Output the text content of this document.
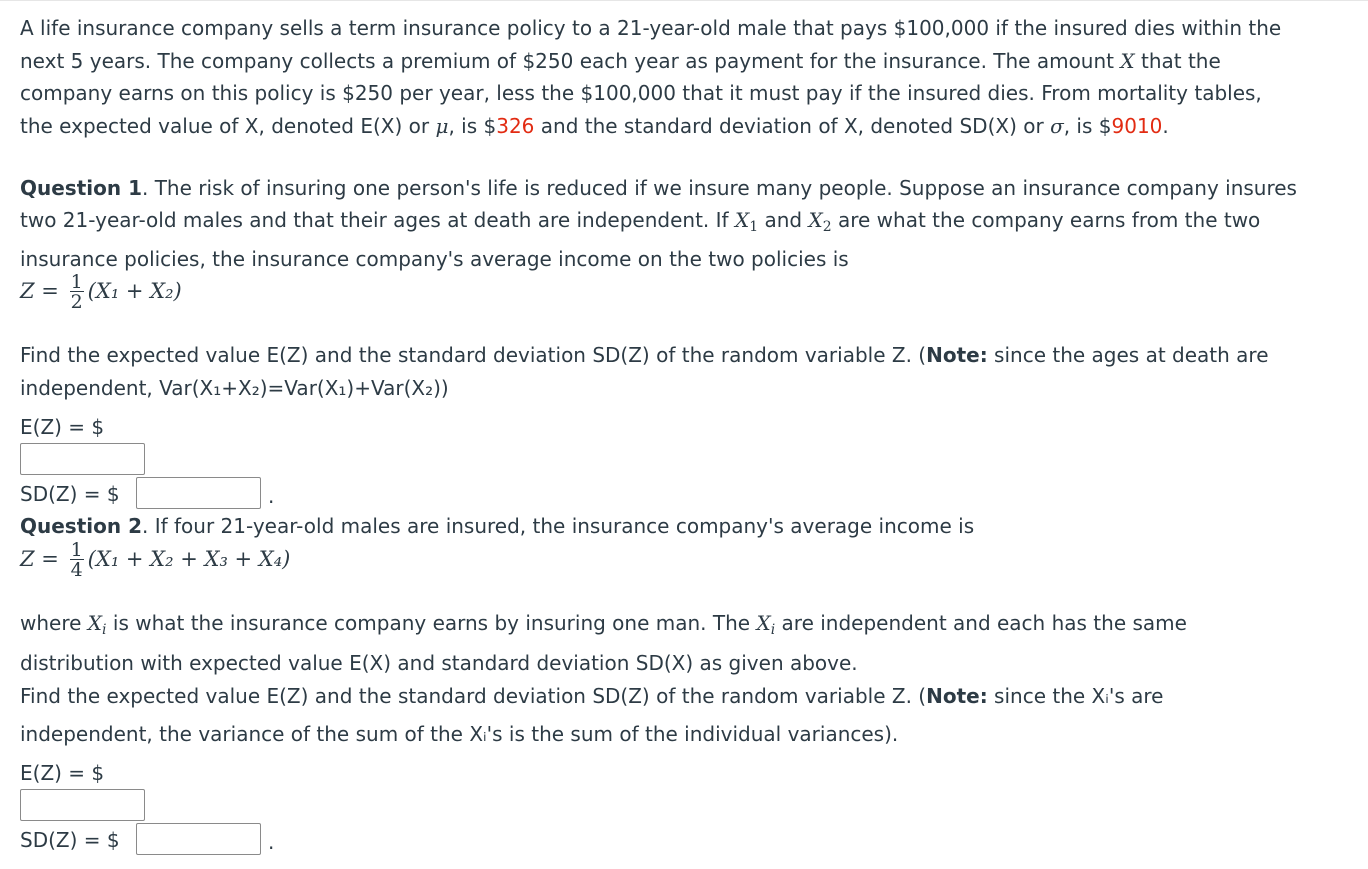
A life insurance company sells a term insurance policy to a 21-year-old male that pays $100,000 if the insured dies within the
next 5 years. The company collects a premium of $250 each year as payment for the insurance. The amount X that the
company earns on this policy is $250 per year, less the $100,000 that it must pay if the insured dies. From mortality tables,
the expected value of X, denoted E(X) or μ, is $326 and the standard deviation of X, denoted SD(X) or σ, is $9010.

Question 1. The risk of insuring one person's life is reduced if we insure many people. Suppose an insurance company insures

two 21-year-old males and that their ages at death are independent. If $X_1$ and $X_2$ are what the company earns from the two

insurance policies, the insurance company's average income on the two policies is

$Z = \frac{1}{2} (X_1 + X_2)$

Find the expected value E(Z) and the standard deviation SD(Z) of the random variable Z. (Note: since the ages at death are
independent, Var(X₁+X₂)=Var(X₁)+Var(X₂))

E(Z) = $
SD(Z) = $	.

Question 2. If four 21-year-old males are insured, the insurance company's average income is

$Z = \frac{1}{4} (X_1 + X_2 + X_3 + X_4)$

where $X_i$ is what the insurance company earns by insuring one man. The $X_i$ are independent and each has the same

distribution with expected value E(X) and standard deviation SD(X) as given above.
Find the expected value E(Z) and the standard deviation SD(Z) of the random variable Z. (Note: since the Xᵢ's are

independent, the variance of the sum of the Xᵢ's is the sum of the individual variances).

E(Z) = $
SD(Z) = $	.
